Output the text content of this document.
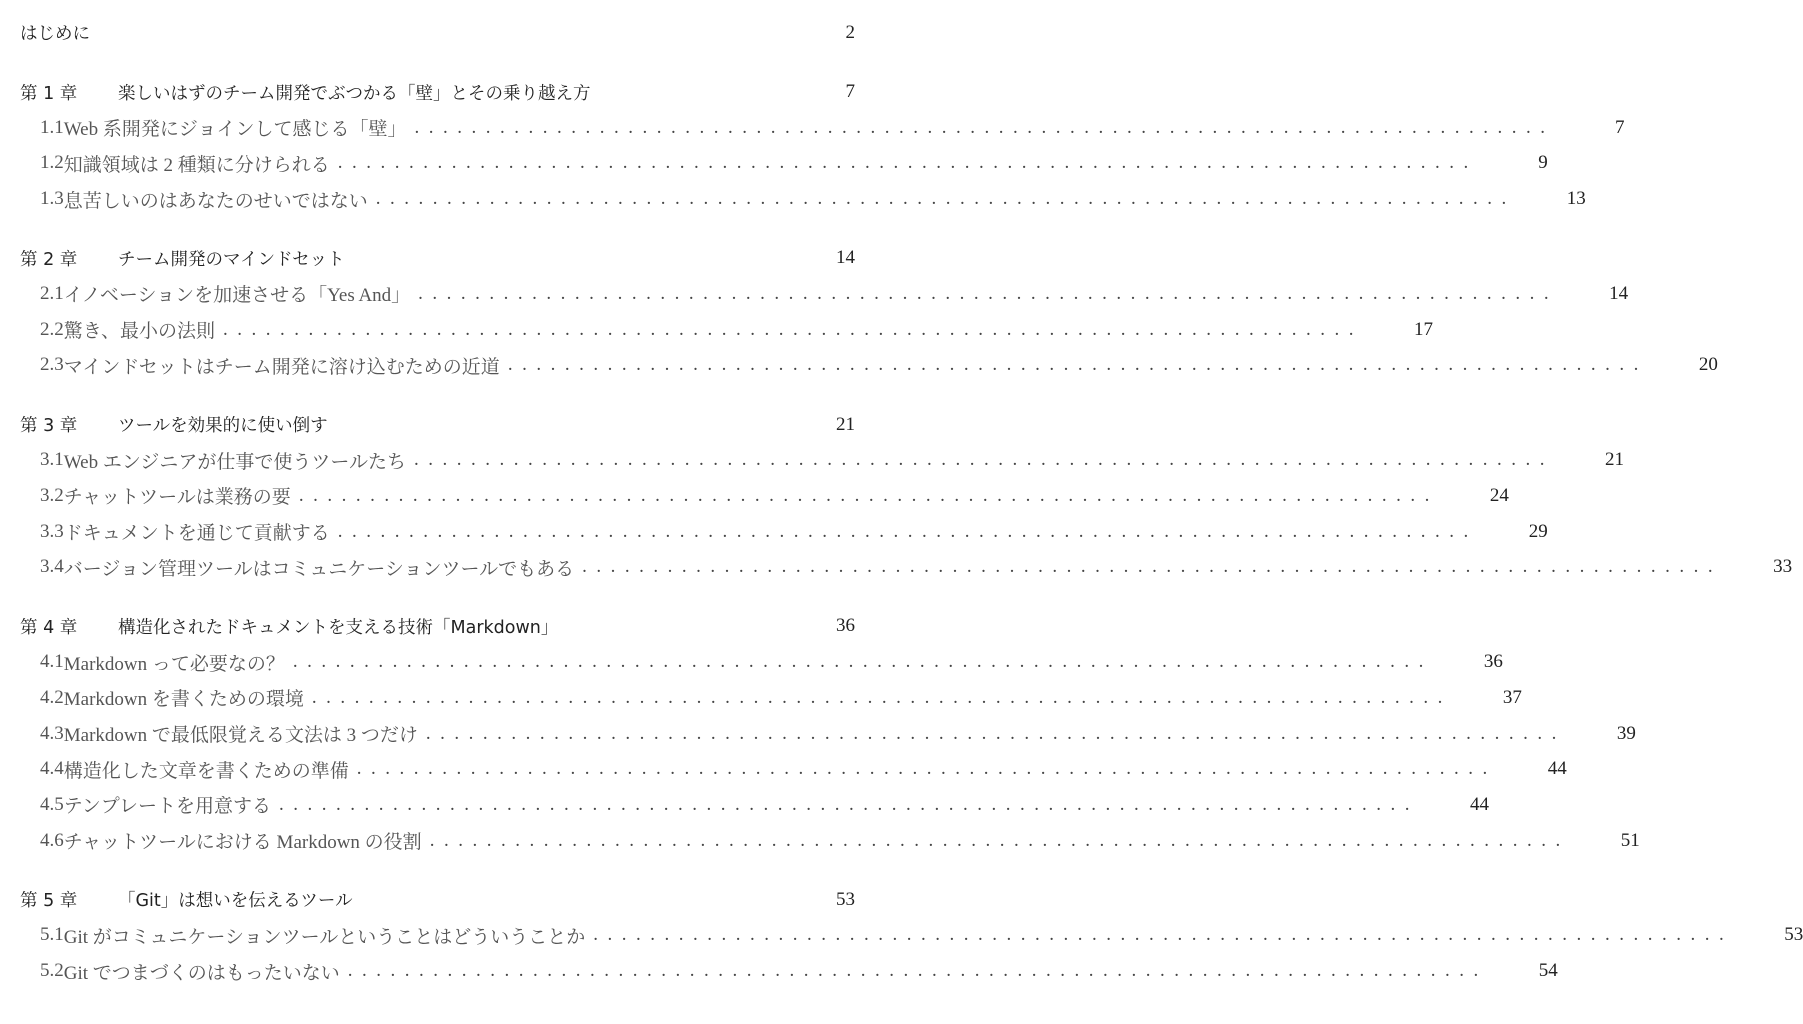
はじめに	2
第 1 章	楽しいはずのチーム開発でぶつかる「壁」とその乗り越え方	7
1.1 Web 系開発にジョインして感じる「壁」 ................................................................................	7
1.2 知識領域は 2 種類に分けられる ................................................................................	9
1.3 息苦しいのはあなたのせいではない ................................................................................	13
第 2 章	チーム開発のマインドセット	14
2.1 イノベーションを加速させる「Yes And」 ................................................................................	14
2.2 驚き、最小の法則 ................................................................................	17
2.3 マインドセットはチーム開発に溶け込むための近道 ................................................................................	20
第 3 章	ツールを効果的に使い倒す	21
3.1 Web エンジニアが仕事で使うツールたち ................................................................................	21
3.2 チャットツールは業務の要 ................................................................................	24
3.3 ドキュメントを通じて貢献する ................................................................................	29
3.4 バージョン管理ツールはコミュニケーションツールでもある ................................................................................	33
第 4 章	構造化されたドキュメントを支える技術「Markdown」	36
4.1 Markdown って必要なの？ ................................................................................	36
4.2 Markdown を書くための環境 ................................................................................	37
4.3 Markdown で最低限覚える文法は 3 つだけ ................................................................................	39
4.4 構造化した文章を書くための準備 ................................................................................	44
4.5 テンプレートを用意する ................................................................................	44
4.6 チャットツールにおける Markdown の役割 ................................................................................	51
第 5 章	「Git」は想いを伝えるツール	53
5.1 Git がコミュニケーションツールということはどういうことか ................................................................................	53
5.2 Git でつまづくのはもったいない ................................................................................	54
